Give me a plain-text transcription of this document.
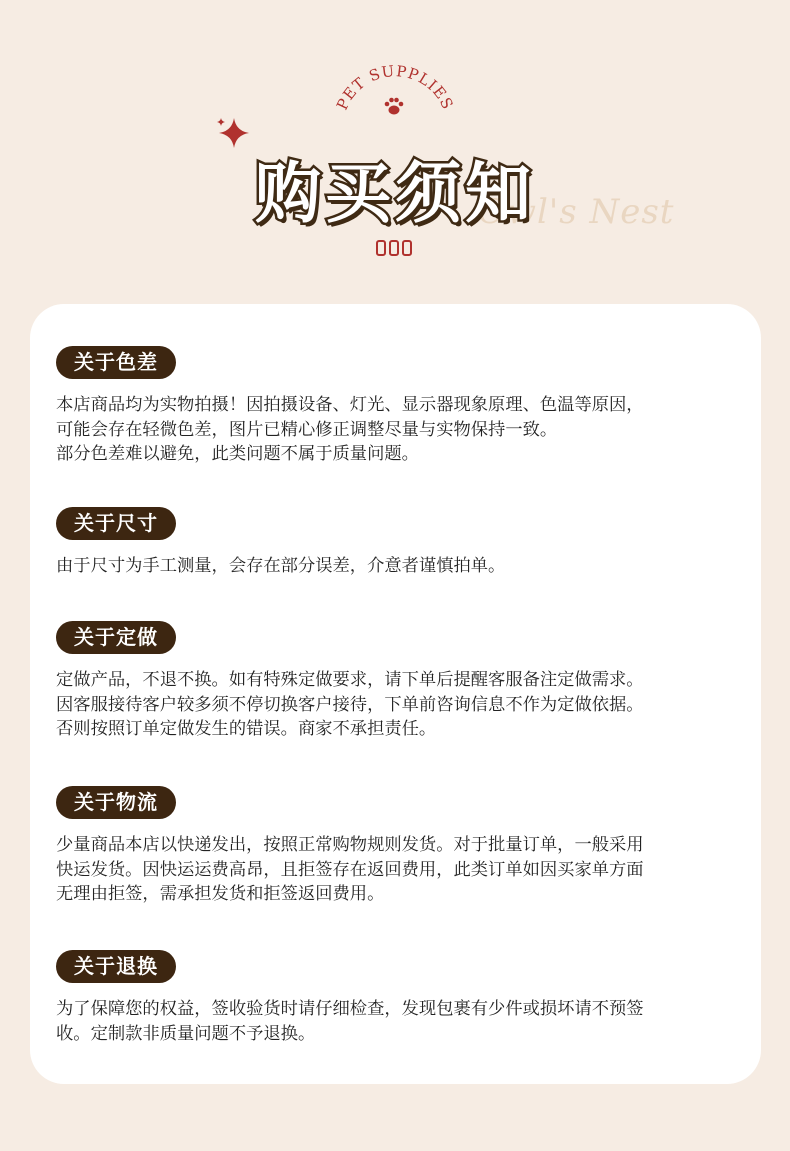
PET SUPPLIES
Owl's Nest
购买须知
关于色差
本店商品均为实物拍摄！因拍摄设备、灯光、显示器现象原理、色温等原因，
可能会存在轻微色差，图片已精心修正调整尽量与实物保持一致。
部分色差难以避免，此类问题不属于质量问题。
关于尺寸
由于尺寸为手工测量，会存在部分误差，介意者谨慎拍单。
关于定做
定做产品，不退不换。如有特殊定做要求，请下单后提醒客服备注定做需求。
因客服接待客户较多须不停切换客户接待，下单前咨询信息不作为定做依据。
否则按照订单定做发生的错误。商家不承担责任。
关于物流
少量商品本店以快递发出，按照正常购物规则发货。对于批量订单，一般采用
快运发货。因快运运费高昂，且拒签存在返回费用，此类订单如因买家单方面
无理由拒签，需承担发货和拒签返回费用。
关于退换
为了保障您的权益，签收验货时请仔细检查，发现包裹有少件或损坏请不预签
收。定制款非质量问题不予退换。
